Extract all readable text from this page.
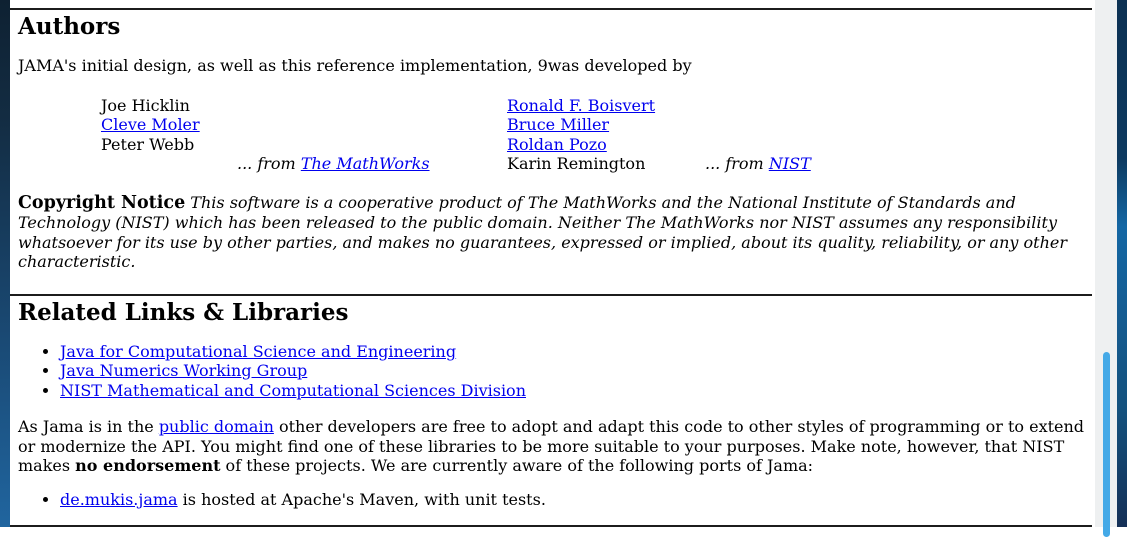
Authors

JAMA's initial design, as well as this reference implementation, 9was developed by

Joe Hicklin
Cleve Moler
Peter Webb
... from The MathWorks
Ronald F. Boisvert
Bruce Miller
Roldan Pozo
Karin Remington	... from NIST

Copyright Notice This software is a cooperative product of The MathWorks and the National Institute of Standards and Technology (NIST) which has been released to the public domain. Neither The MathWorks nor NIST assumes any responsibility whatsoever for its use by other parties, and makes no guarantees, expressed or implied, about its quality, reliability, or any other characteristic.

Related Links & Libraries
• Java for Computational Science and Engineering
• Java Numerics Working Group
• NIST Mathematical and Computational Sciences Division

As Jama is in the public domain other developers are free to adopt and adapt this code to other styles of programming or to extend or modernize the API. You might find one of these libraries to be more suitable to your purposes. Make note, however, that NIST makes no endorsement of these projects. We are currently aware of the following ports of Jama:

• de.mukis.jama is hosted at Apache's Maven, with unit tests.
